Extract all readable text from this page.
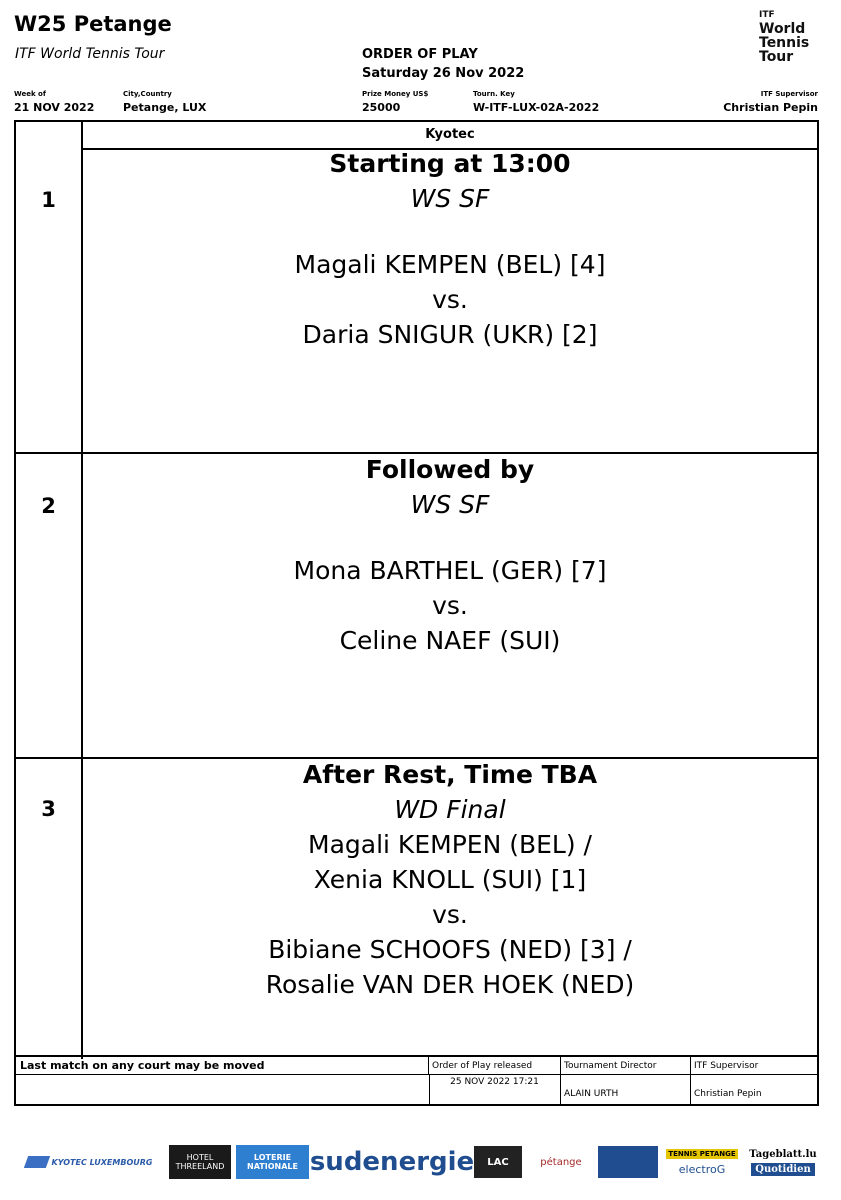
W25 Petange
ITF World Tennis Tour	ORDER OF PLAY
Saturday 26 Nov 2022
ITF
World
Tennis
Tour
Week of
21 NOV 2022
City,Country
Petange, LUX
Prize Money US$
25000
Tourn. Key
W-ITF-LUX-02A-2022
ITF Supervisor
Christian Pepin
Kyotec
1
Starting at 13:00
WS SF
Magali KEMPEN (BEL) [4]
vs.
Daria SNIGUR (UKR) [2]
2
Followed by
WS SF
Mona BARTHEL (GER) [7]
vs.
Celine NAEF (SUI)
3
After Rest, Time TBA
WD Final
Magali KEMPEN (BEL) /
Xenia KNOLL (SUI) [1]
vs.
Bibiane SCHOOFS (NED) [3] /
Rosalie VAN DER HOEK (NED)
Last match on any court may be moved	Order of Play released
25 NOV 2022 17:21
Tournament Director
ALAIN URTH
ITF Supervisor
Christian Pepin
KYOTEC LUXEMBOURG	HOTEL
THREELAND
LOTERIE
NATIONALE sudenergie	LAC	pétange
TENNIS PETANGE
electroG
Tageblatt.lu
Quotidien
